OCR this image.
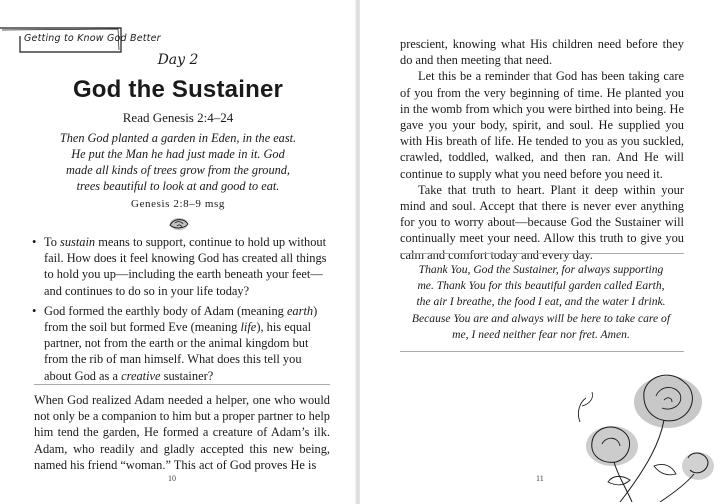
Getting to Know God Better
Day 2
God the Sustainer
Read Genesis 2:4–24

Then God planted a garden in Eden, in the east.

He put the Man he had just made in it. God

made all kinds of trees grow from the ground,

trees beautiful to look at and good to eat.

Genesis 2:8–9 msg
• To sustain means to support, continue to hold up without fail. How does it feel knowing God has created all things to hold you up—including the earth beneath your feet—and continues to do so in your life today?
• God formed the earthly body of Adam (meaning earth) from the soil but formed Eve (meaning life), his equal partner, not from the earth or the animal kingdom but from the rib of man himself. What does this tell you about God as a creative sustainer?

When God realized Adam needed a helper, one who would not only be a companion to him but a proper partner to help him tend the garden, He formed a creature of Adam’s ilk. Adam, who readily and gladly accepted this new being, named his friend “woman.” This act of God proves He is

10

prescient, knowing what His children need before they do and then meeting that need.

Let this be a reminder that God has been taking care of you from the very beginning of time. He planted you in the womb from which you were birthed into being. He gave you your body, spirit, and soul. He supplied you with His breath of life. He tended to you as you suckled, crawled, toddled, walked, and then ran. And He will continue to supply what you need before you need it.

Take that truth to heart. Plant it deep within your mind and soul. Accept that there is never ever anything for you to worry about—because God the Sustainer will continually meet your need. Allow this truth to give you calm and comfort today and every day.

Thank You, God the Sustainer, for always supporting me. Thank You for this beautiful garden called Earth, the air I breathe, the food I eat, and the water I drink. Because You are and always will be here to take care of me, I need neither fear nor fret. Amen.

11
